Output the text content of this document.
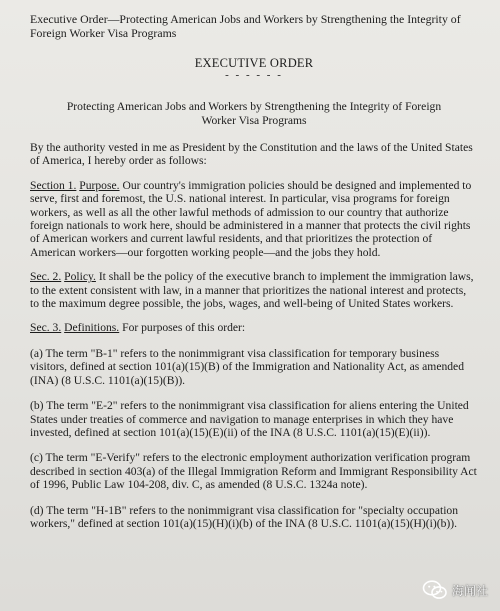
Executive Order—Protecting American Jobs and Workers by Strengthening the Integrity of Foreign Worker Visa Programs

EXECUTIVE ORDER

- - - - - -

Protecting American Jobs and Workers by Strengthening the Integrity of Foreign Worker Visa Programs

By the authority vested in me as President by the Constitution and the laws of the United States of America, I hereby order as follows:

Section 1. Purpose. Our country's immigration policies should be designed and implemented to serve, first and foremost, the U.S. national interest. In particular, visa programs for foreign workers, as well as all the other lawful methods of admission to our country that authorize foreign nationals to work here, should be administered in a manner that protects the civil rights of American workers and current lawful residents, and that prioritizes the protection of American workers—our forgotten working people—and the jobs they hold.

Sec. 2. Policy. It shall be the policy of the executive branch to implement the immigration laws, to the extent consistent with law, in a manner that prioritizes the national interest and protects, to the maximum degree possible, the jobs, wages, and well-being of United States workers.

Sec. 3. Definitions. For purposes of this order:

(a) The term "B-1" refers to the nonimmigrant visa classification for temporary business visitors, defined at section 101(a)(15)(B) of the Immigration and Nationality Act, as amended (INA) (8 U.S.C. 1101(a)(15)(B)).

(b) The term "E-2" refers to the nonimmigrant visa classification for aliens entering the United States under treaties of commerce and navigation to manage enterprises in which they have invested, defined at section 101(a)(15)(E)(ii) of the INA (8 U.S.C. 1101(a)(15)(E)(ii)).

(c) The term "E-Verify" refers to the electronic employment authorization verification program described in section 403(a) of the Illegal Immigration Reform and Immigrant Responsibility Act of 1996, Public Law 104-208, div. C, as amended (8 U.S.C. 1324a note).

(d) The term "H-1B" refers to the nonimmigrant visa classification for "specialty occupation workers," defined at section 101(a)(15)(H)(i)(b) of the INA (8 U.S.C. 1101(a)(15)(H)(i)(b)).

海闻社
